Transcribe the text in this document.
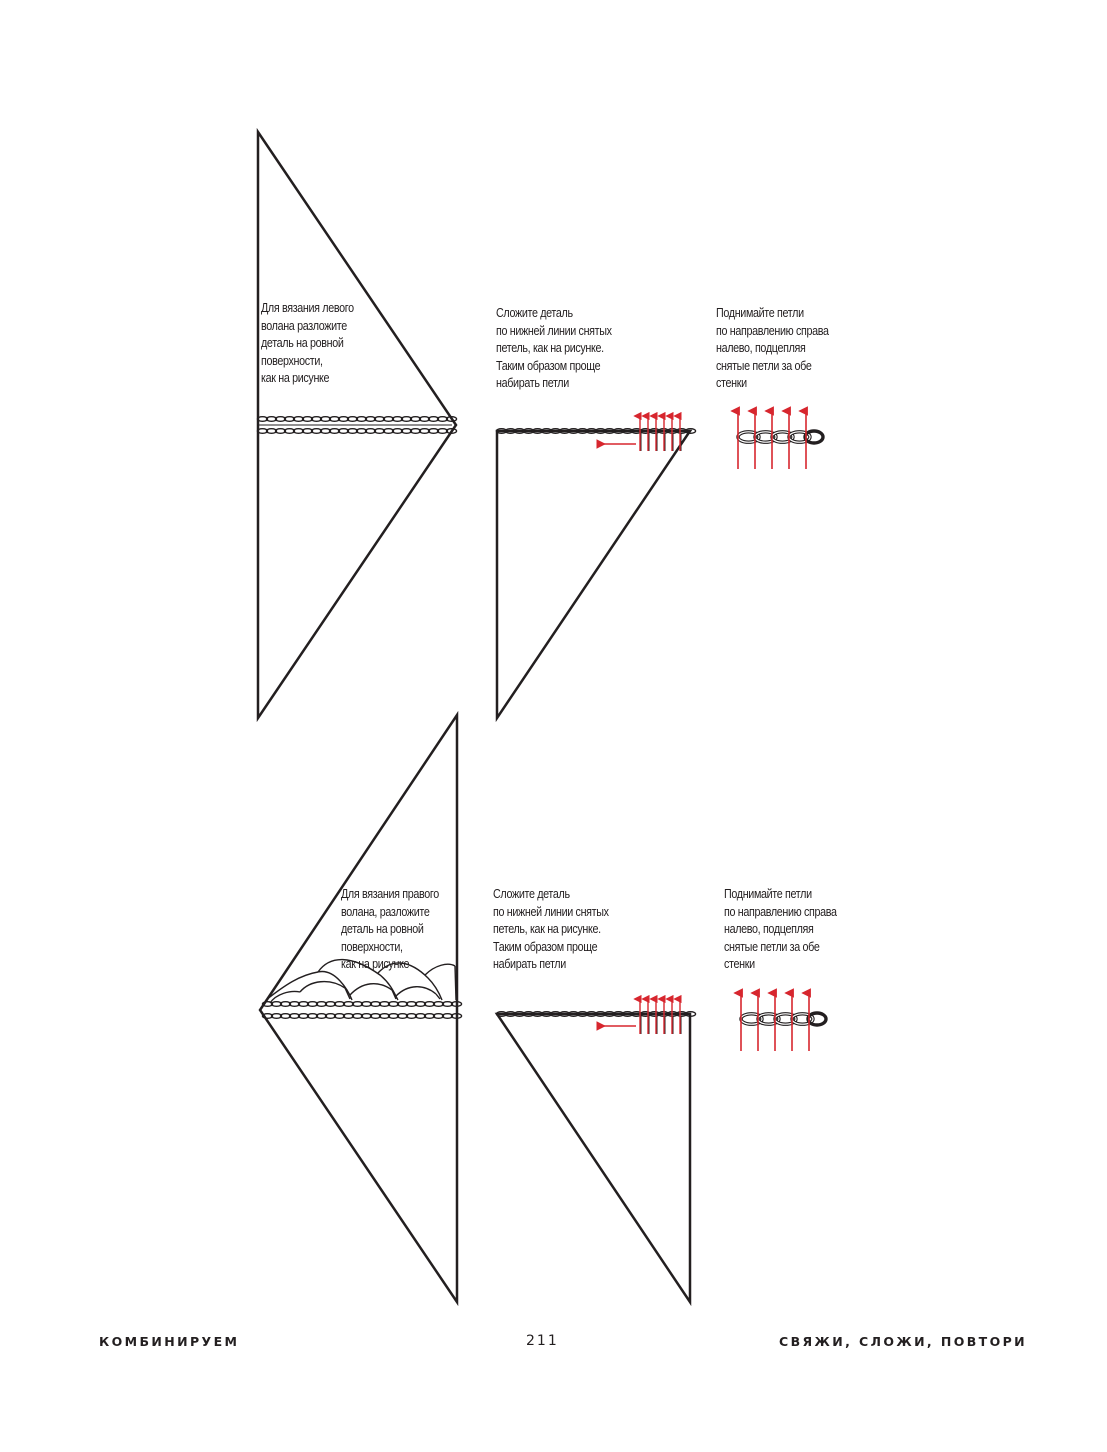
Для вязания левого
волана разложите
деталь на ровной
поверхности,
как на рисунке
Сложите деталь
по нижней линии снятых
петель, как на рисунке.
Таким образом проще
набирать петли
Поднимайте петли
по направлению справа
налево, подцепляя
снятые петли за обе
стенки
Для вязания правого
волана, разложите
деталь на ровной
поверхности,
как на рисунке
Сложите деталь
по нижней линии снятых
петель, как на рисунке.
Таким образом проще
набирать петли
Поднимайте петли
по направлению справа
налево, подцепляя
снятые петли за обе
стенки
КОМБИНИРУЕМ	211	СВЯЖИ, СЛОЖИ, ПОВТОРИ
